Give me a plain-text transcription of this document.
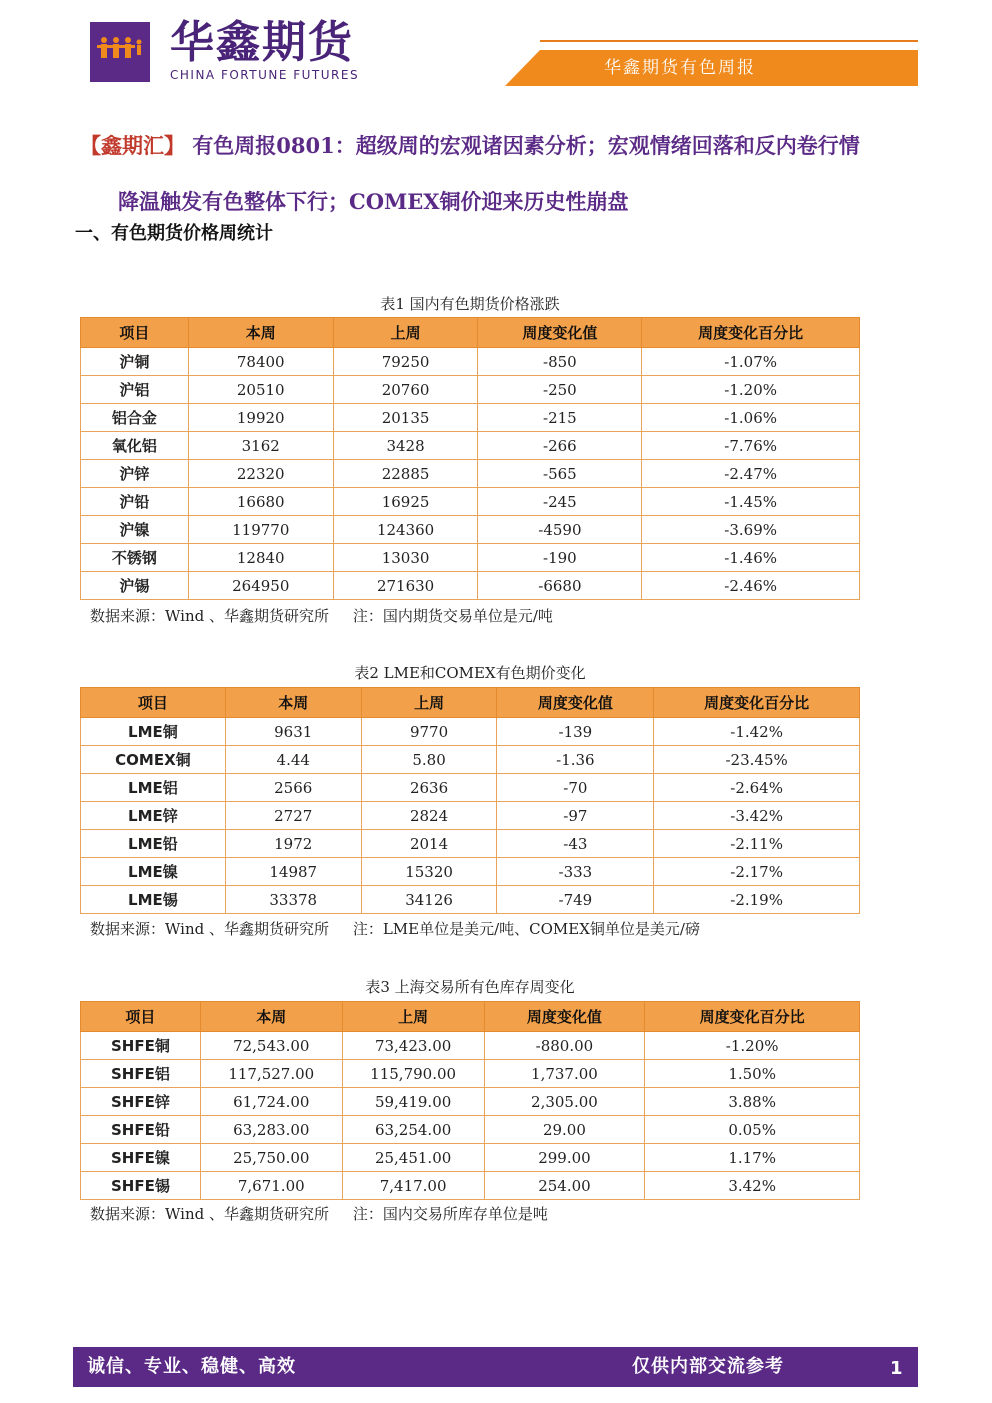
华鑫期货
CHINA FORTUNE FUTURES	华鑫期货有色周报
【鑫期汇】 有色周报0801：超级周的宏观诸因素分析；宏观情绪回落和反内卷行情
降温触发有色整体下行；COMEX铜价迎来历史性崩盘
一、有色期货价格周统计
表1 国内有色期货价格涨跌
项目	本周	上周	周度变化值	周度变化百分比
沪铜	78400	79250	-850	-1.07%
沪铝	20510	20760	-250	-1.20%
铝合金	19920	20135	-215	-1.06%
氧化铝	3162	3428	-266	-7.76%
沪锌	22320	22885	-565	-2.47%
沪铅	16680	16925	-245	-1.45%
沪镍	119770	124360	-4590	-3.69%
不锈钢	12840	13030	-190	-1.46%
沪锡	264950	271630	-6680	-2.46%
数据来源：Wind 、华鑫期货研究所     注：国内期货交易单位是元/吨
表2 LME和COMEX有色期价变化
项目	本周	上周	周度变化值	周度变化百分比
LME铜	9631	9770	-139	-1.42%
COMEX铜	4.44	5.80	-1.36	-23.45%
LME铝	2566	2636	-70	-2.64%
LME锌	2727	2824	-97	-3.42%
LME铅	1972	2014	-43	-2.11%
LME镍	14987	15320	-333	-2.17%
LME锡	33378	34126	-749	-2.19%
数据来源：Wind 、华鑫期货研究所     注：LME单位是美元/吨、COMEX铜单位是美元/磅
表3 上海交易所有色库存周变化
项目	本周	上周	周度变化值	周度变化百分比
SHFE铜	72,543.00	73,423.00	-880.00	-1.20%
SHFE铝	117,527.00	115,790.00	1,737.00	1.50%
SHFE锌	61,724.00	59,419.00	2,305.00	3.88%
SHFE铅	63,283.00	63,254.00	29.00	0.05%
SHFE镍	25,750.00	25,451.00	299.00	1.17%
SHFE锡	7,671.00	7,417.00	254.00	3.42%
数据来源：Wind 、华鑫期货研究所     注：国内交易所库存单位是吨
诚信、专业、稳健、高效	仅供内部交流参考	1
